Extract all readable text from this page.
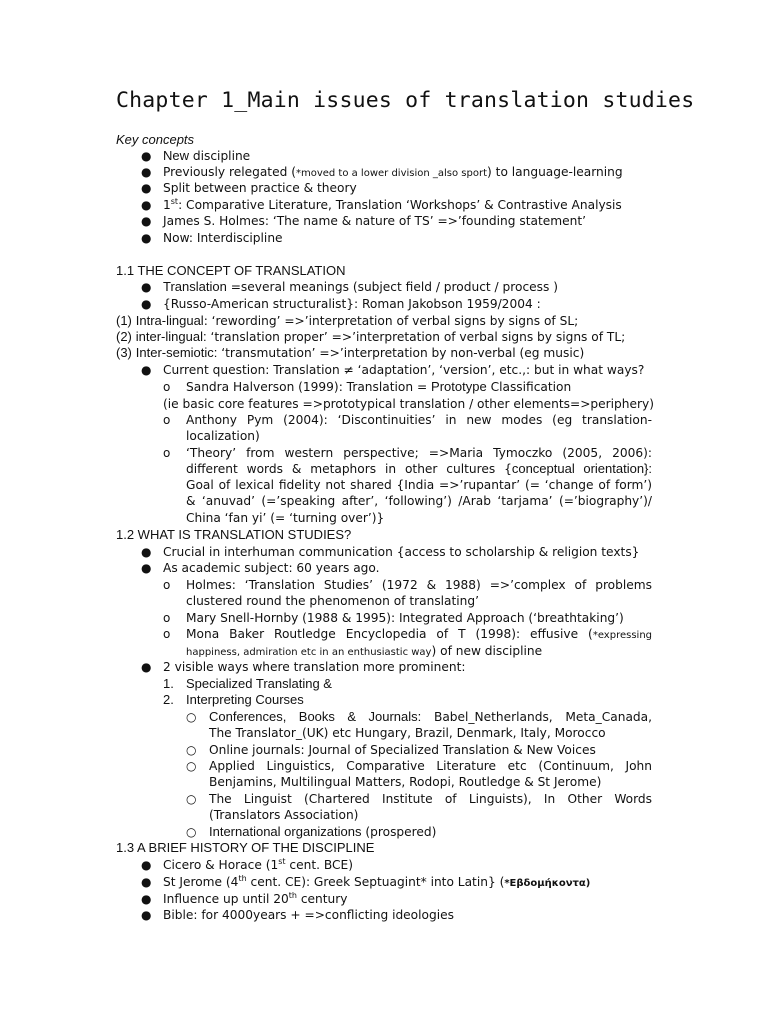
Chapter 1_Main issues of translation studies
Key concepts
● New discipline
● Previously relegated (*moved to a lower division _also sport) to language-learning
● Split between practice & theory
● 1st: Comparative Literature, Translation ‘Workshops’ & Contrastive Analysis
● James S. Holmes: ‘The name & nature of TS’ =>’founding statement’
● Now: Interdiscipline
1.1 THE CONCEPT OF TRANSLATION
● Translation =several meanings (subject field / product / process )
● {Russo-American structuralist}: Roman Jakobson 1959/2004 :
(1) Intra-lingual: ‘rewording’ =>’interpretation of verbal signs by signs of SL;
(2) inter-lingual: ‘translation proper’ =>’interpretation of verbal signs by signs of TL;
(3) Inter-semiotic: ‘transmutation’ =>’interpretation by non-verbal (eg music)
● Current question: Translation ≠ ‘adaptation’, ‘version’, etc.,: but in what ways?
o Sandra Halverson (1999): Translation = Prototype Classification
(ie basic core features =>prototypical translation / other elements=>periphery)
o Anthony Pym (2004): ‘Discontinuities’ in new modes (eg translation-
localization)
o ‘Theory’ from western perspective; =>Maria Tymoczko (2005, 2006):
different words & metaphors in other cultures {conceptual orientation}:
Goal of lexical fidelity not shared {India =>’rupantar’ (= ‘change of form’)
& ‘anuvad’ (=’speaking after’, ‘following’) /Arab ‘tarjama’ (=’biography’)/
China ‘fan yi’ (= ‘turning over’)}
1.2 WHAT IS TRANSLATION STUDIES?
● Crucial in interhuman communication {access to scholarship & religion texts}
● As academic subject: 60 years ago.
o Holmes: ‘Translation Studies’ (1972 & 1988) =>’complex of problems
clustered round the phenomenon of translating’
o Mary Snell-Hornby (1988 & 1995): Integrated Approach (‘breathtaking’)
o Mona Baker Routledge Encyclopedia of T (1998): effusive (*expressing
happiness, admiration etc in an enthusiastic way) of new discipline
● 2 visible ways where translation more prominent:
1. Specialized Translating &
2. Interpreting Courses
○ Conferences, Books & Journals: Babel_Netherlands, Meta_Canada,
The Translator_(UK) etc Hungary, Brazil, Denmark, Italy, Morocco
○ Online journals: Journal of Specialized Translation & New Voices
○ Applied Linguistics, Comparative Literature etc (Continuum, John
Benjamins, Multilingual Matters, Rodopi, Routledge & St Jerome)
○ The Linguist (Chartered Institute of Linguists), In Other Words
(Translators Association)
○ International organizations (prospered)
1.3 A BRIEF HISTORY OF THE DISCIPLINE
● Cicero & Horace (1st cent. BCE)
● St Jerome (4th cent. CE): Greek Septuagint* into Latin} (*Εβδομήκοντα)
● Influence up until 20th century
● Bible: for 4000years + =>conflicting ideologies
